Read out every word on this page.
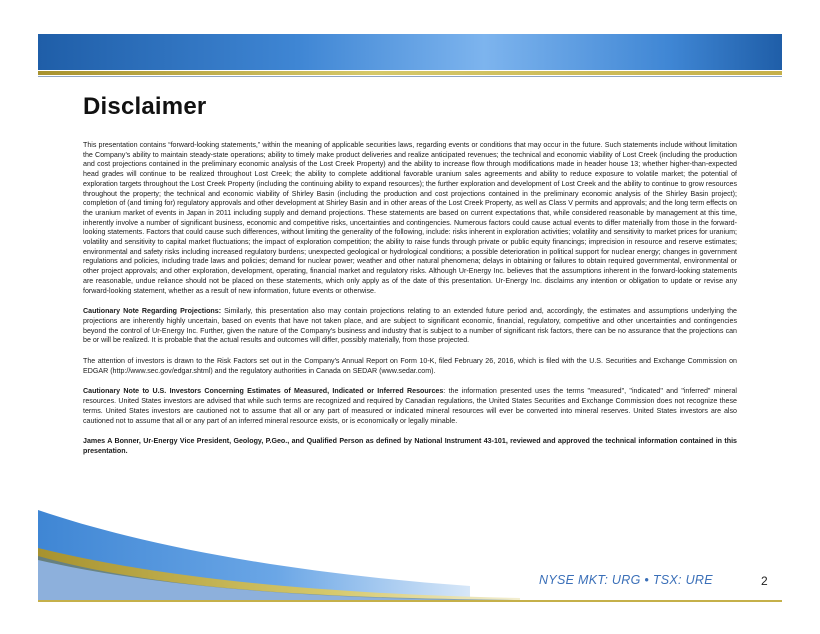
Disclaimer

This presentation contains “forward-looking statements,” within the meaning of applicable securities laws, regarding events or conditions that may occur in the future. Such statements include without limitation the Company’s ability to maintain steady-state operations; ability to timely make product deliveries and realize anticipated revenues; the technical and economic viability of Lost Creek (including the production and cost projections contained in the preliminary economic analysis of the Lost Creek Property) and the ability to increase flow through modifications made in header house 13; whether higher-than-expected head grades will continue to be realized throughout Lost Creek; the ability to complete additional favorable uranium sales agreements and ability to reduce exposure to volatile market; the potential of exploration targets throughout the Lost Creek Property (including the continuing ability to expand resources); the further exploration and development of Lost Creek and the ability to continue to grow resources throughout the property; the technical and economic viability of Shirley Basin (including the production and cost projections contained in the preliminary economic analysis of the Shirley Basin project); completion of (and timing for) regulatory approvals and other development at Shirley Basin and in other areas of the Lost Creek Property, as well as Class V permits and approvals; and the long term effects on the uranium market of events in Japan in 2011 including supply and demand projections. These statements are based on current expectations that, while considered reasonable by management at this time, inherently involve a number of significant business, economic and competitive risks, uncertainties and contingencies. Numerous factors could cause actual events to differ materially from those in the forward-looking statements. Factors that could cause such differences, without limiting the generality of the following, include: risks inherent in exploration activities; volatility and sensitivity to market prices for uranium; volatility and sensitivity to capital market fluctuations; the impact of exploration competition; the ability to raise funds through private or public equity financings; imprecision in resource and reserve estimates; environmental and safety risks including increased regulatory burdens; unexpected geological or hydrological conditions; a possible deterioration in political support for nuclear energy; changes in government regulations and policies, including trade laws and policies; demand for nuclear power; weather and other natural phenomena; delays in obtaining or failures to obtain required governmental, environmental or other project approvals; and other exploration, development, operating, financial market and regulatory risks. Although Ur-Energy Inc. believes that the assumptions inherent in the forward-looking statements are reasonable, undue reliance should not be placed on these statements, which only apply as of the date of this presentation. Ur-Energy Inc. disclaims any intention or obligation to update or revise any forward-looking statement, whether as a result of new information, future events or otherwise.

Cautionary Note Regarding Projections: Similarly, this presentation also may contain projections relating to an extended future period and, accordingly, the estimates and assumptions underlying the projections are inherently highly uncertain, based on events that have not taken place, and are subject to significant economic, financial, regulatory, competitive and other uncertainties and contingencies beyond the control of Ur-Energy Inc. Further, given the nature of the Company's business and industry that is subject to a number of significant risk factors, there can be no assurance that the projections can be or will be realized. It is probable that the actual results and outcomes will differ, possibly materially, from those projected.

The attention of investors is drawn to the Risk Factors set out in the Company's Annual Report on Form 10-K, filed February 26, 2016, which is filed with the U.S. Securities and Exchange Commission on EDGAR (http://www.sec.gov/edgar.shtml) and the regulatory authorities in Canada on SEDAR (www.sedar.com).

Cautionary Note to U.S. Investors Concerning Estimates of Measured, Indicated or Inferred Resources: the information presented uses the terms "measured", "indicated" and "inferred" mineral resources. United States investors are advised that while such terms are recognized and required by Canadian regulations, the United States Securities and Exchange Commission does not recognize these terms. United States investors are cautioned not to assume that all or any part of measured or indicated mineral resources will ever be converted into mineral reserves. United States investors are also cautioned not to assume that all or any part of an inferred mineral resource exists, or is economically or legally minable.

James A Bonner, Ur-Energy Vice President, Geology, P.Geo., and Qualified Person as defined by National Instrument 43-101, reviewed and approved the technical information contained in this presentation.

NYSE MKT: URG • TSX: URE	2
